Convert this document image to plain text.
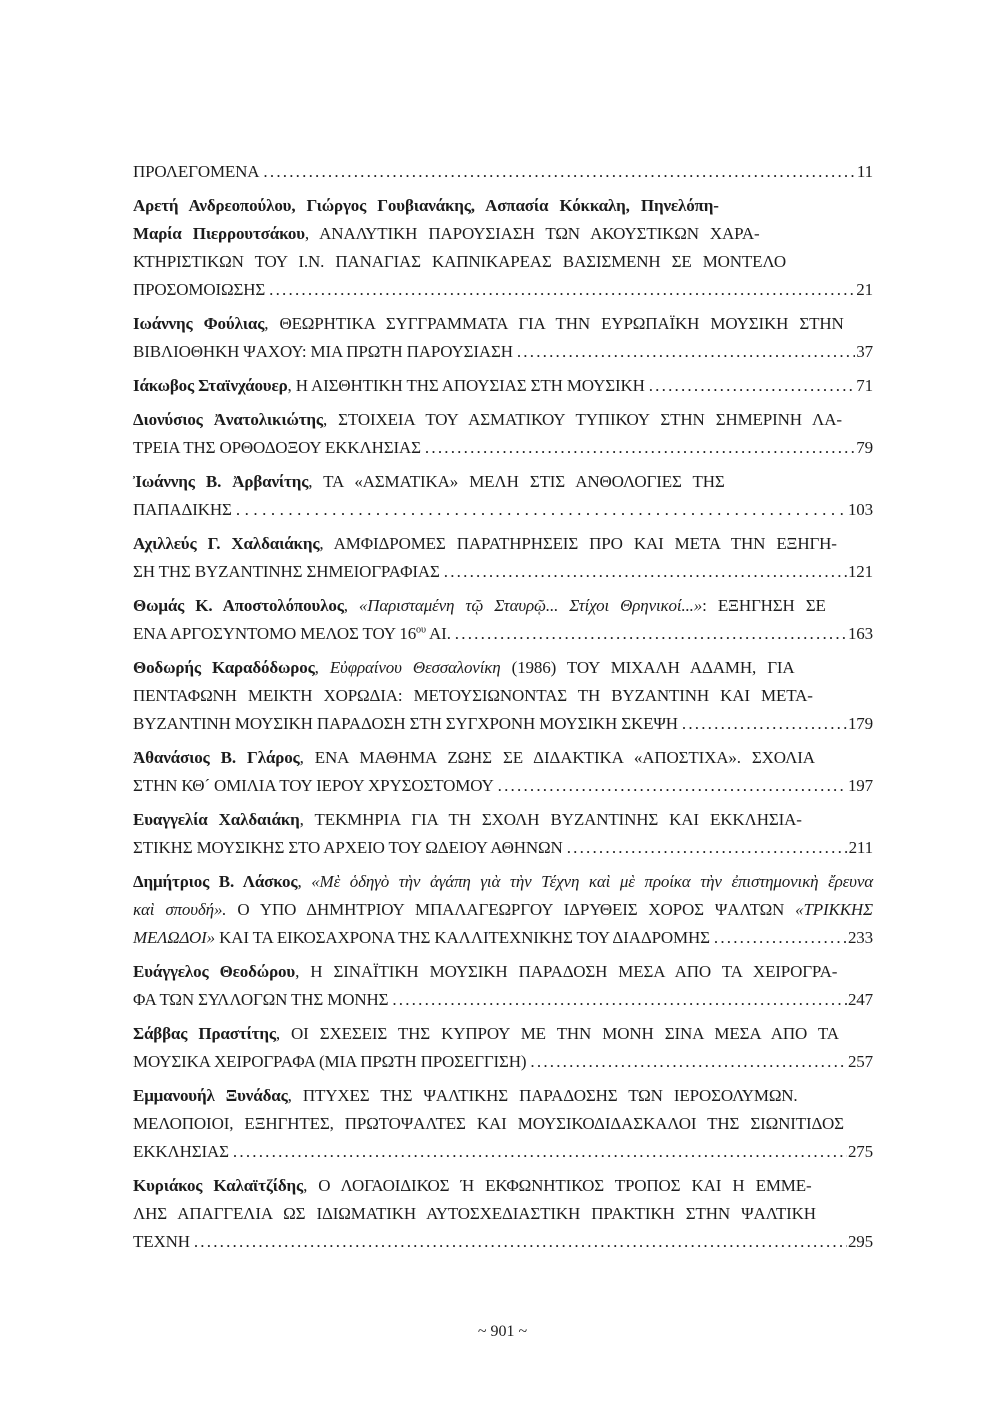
ΠΡΟΛΕΓΟΜΕΝΑ .....	11
Αρετή Ανδρεοπούλου, Γιώργος Γουβιανάκης, Ασπασία Κόκκαλη, Πηνελόπη-
Μαρία Πιερρουτσάκου, ΑΝΑΛΥΤΙΚΗ ΠΑΡΟΥΣΙΑΣΗ ΤΩΝ ΑΚΟΥΣΤΙΚΩΝ ΧΑΡΑ-
ΚΤΗΡΙΣΤΙΚΩΝ ΤΟΥ Ι.Ν. ΠΑΝΑΓΙΑΣ ΚΑΠΝΙΚΑΡΕΑΣ ΒΑΣΙΣΜΕΝΗ ΣΕ ΜΟΝΤΕΛΟ
ΠΡΟΣΟΜΟΙΩΣΗΣ .....	21
Ιωάννης Φούλιας, ΘΕΩΡΗΤΙΚΑ ΣΥΓΓΡΑΜΜΑΤΑ ΓΙΑ ΤΗΝ ΕΥΡΩΠΑΪΚΗ ΜΟΥΣΙΚΗ ΣΤΗΝ
ΒΙΒΛΙΟΘΗΚΗ ΨΑΧΟΥ: ΜΙΑ ΠΡΩΤΗ ΠΑΡΟΥΣΙΑΣΗ .....	37
Ιάκωβος Σταϊνχάουερ, Η ΑΙΣΘΗΤΙΚΗ ΤΗΣ ΑΠΟΥΣΙΑΣ ΣΤΗ ΜΟΥΣΙΚΗ .....	71
Διονύσιος Ἀνατολικιώτης, ΣΤΟΙΧΕΙΑ ΤΟΥ ΑΣΜΑΤΙΚΟΥ ΤΥΠΙΚΟΥ ΣΤΗΝ ΣΗΜΕΡΙΝΗ ΛΑ-
ΤΡΕΙΑ ΤΗΣ ΟΡΘΟΔΟΞΟΥ ΕΚΚΛΗΣΙΑΣ .....	79
Ἰωάννης Β. Ἀρβανίτης, ΤΑ «ΑΣΜΑΤΙΚΑ» ΜΕΛΗ ΣΤΙΣ ΑΝΘΟΛΟΓΙΕΣ ΤΗΣ
ΠΑΠΑΔΙΚΗΣ .....	103
Αχιλλεύς Γ. Χαλδαιάκης, ΑΜΦΙΔΡΟΜΕΣ ΠΑΡΑΤΗΡΗΣΕΙΣ ΠΡΟ ΚΑΙ ΜΕΤΑ ΤΗΝ ΕΞΗΓΗ-
ΣΗ ΤΗΣ ΒΥΖΑΝΤΙΝΗΣ ΣΗΜΕΙΟΓΡΑΦΙΑΣ .....	121
Θωμάς Κ. Αποστολόπουλος, «Παρισταμένη τῷ Σταυρῷ... Στίχοι Θρηνικοί...»: ΕΞΗΓΗΣΗ ΣΕ
ΕΝΑ ΑΡΓΟΣΥΝΤΟΜΟ ΜΕΛΟΣ ΤΟΥ $16^{o\upsilon}$ ΑΙ. .....	163
Θοδωρής Καραδόδωρος, Εὐφραίνου Θεσσαλονίκη (1986) ΤΟΥ ΜΙΧΑΛΗ ΑΔΑΜΗ, ΓΙΑ
ΠΕΝΤΑΦΩΝΗ ΜΕΙΚΤΗ ΧΟΡΩΔΙΑ: ΜΕΤΟΥΣΙΩΝΟΝΤΑΣ ΤΗ ΒΥΖΑΝΤΙΝΗ ΚΑΙ ΜΕΤΑ-
ΒΥΖΑΝΤΙΝΗ ΜΟΥΣΙΚΗ ΠΑΡΑΔΟΣΗ ΣΤΗ ΣΥΓΧΡΟΝΗ ΜΟΥΣΙΚΗ ΣΚΕΨΗ .....	179
Ἀθανάσιος Β. Γλάρος, ΕΝΑ ΜΑΘΗΜΑ ΖΩΗΣ ΣΕ ΔΙΔΑΚΤΙΚΑ «ΑΠΟΣΤΙΧΑ». ΣΧΟΛΙΑ
ΣΤΗΝ ΚΘ´ ΟΜΙΛΙΑ ΤΟΥ ΙΕΡΟΥ ΧΡΥΣΟΣΤΟΜΟΥ .....	197
Ευαγγελία Χαλδαιάκη, ΤΕΚΜΗΡΙΑ ΓΙΑ ΤΗ ΣΧΟΛΗ ΒΥΖΑΝΤΙΝΗΣ ΚΑΙ ΕΚΚΛΗΣΙΑ-
ΣΤΙΚΗΣ ΜΟΥΣΙΚΗΣ ΣΤΟ ΑΡΧΕΙΟ ΤΟΥ ΩΔΕΙΟΥ ΑΘΗΝΩΝ .....	211
Δημήτριος Β. Λάσκος, «Μὲ ὁδηγὸ τὴν ἀγάπη γιὰ τὴν Τέχνη καὶ μὲ προίκα τὴν ἐπιστημονικὴ ἔρευνα
καὶ σπουδή». Ο ΥΠΟ ΔΗΜΗΤΡΙΟΥ ΜΠΑΛΑΓΕΩΡΓΟΥ ΙΔΡΥΘΕΙΣ ΧΟΡΟΣ ΨΑΛΤΩΝ «ΤΡΙΚΚΗΣ
ΜΕΛΩΔΟΙ» ΚΑΙ ΤΑ ΕΙΚΟΣΑΧΡΟΝΑ ΤΗΣ ΚΑΛΛΙΤΕΧΝΙΚΗΣ ΤΟΥ ΔΙΑΔΡΟΜΗΣ .....	233
Ευάγγελος Θεοδώρου, Η ΣΙΝΑΪΤΙΚΗ ΜΟΥΣΙΚΗ ΠΑΡΑΔΟΣΗ ΜΕΣΑ ΑΠΟ ΤΑ ΧΕΙΡΟΓΡΑ-
ΦΑ ΤΩΝ ΣΥΛΛΟΓΩΝ ΤΗΣ ΜΟΝΗΣ .....	247
Σάββας Πραστίτης, ΟΙ ΣΧΕΣΕΙΣ ΤΗΣ ΚΥΠΡΟΥ ΜΕ ΤΗΝ ΜΟΝΗ ΣΙΝΑ ΜΕΣΑ ΑΠΟ ΤΑ
ΜΟΥΣΙΚΑ ΧΕΙΡΟΓΡΑΦΑ (ΜΙΑ ΠΡΩΤΗ ΠΡΟΣΕΓΓΙΣΗ) .....	257
Εμμανουήλ Ξυνάδας, ΠΤΥΧΕΣ ΤΗΣ ΨΑΛΤΙΚΗΣ ΠΑΡΑΔΟΣΗΣ ΤΩΝ ΙΕΡΟΣΟΛΥΜΩΝ.
ΜΕΛΟΠΟΙΟΙ, ΕΞΗΓΗΤΕΣ, ΠΡΩΤΟΨΑΛΤΕΣ ΚΑΙ ΜΟΥΣΙΚΟΔΙΔΑΣΚΑΛΟΙ ΤΗΣ ΣΙΩΝΙΤΙΔΟΣ
ΕΚΚΛΗΣΙΑΣ .....	275
Κυριάκος Καλαϊτζίδης, Ο ΛΟΓΑΟΙΔΙΚΟΣ Ή ΕΚΦΩΝΗΤΙΚΟΣ ΤΡΟΠΟΣ ΚΑΙ Η ΕΜΜΕ-
ΛΗΣ ΑΠΑΓΓΕΛΙΑ ΩΣ ΙΔΙΩΜΑΤΙΚΗ ΑΥΤΟΣΧΕΔΙΑΣΤΙΚΗ ΠΡΑΚΤΙΚΗ ΣΤΗΝ ΨΑΛΤΙΚΗ
ΤΕΧΝΗ .....	295
~ 901 ~
